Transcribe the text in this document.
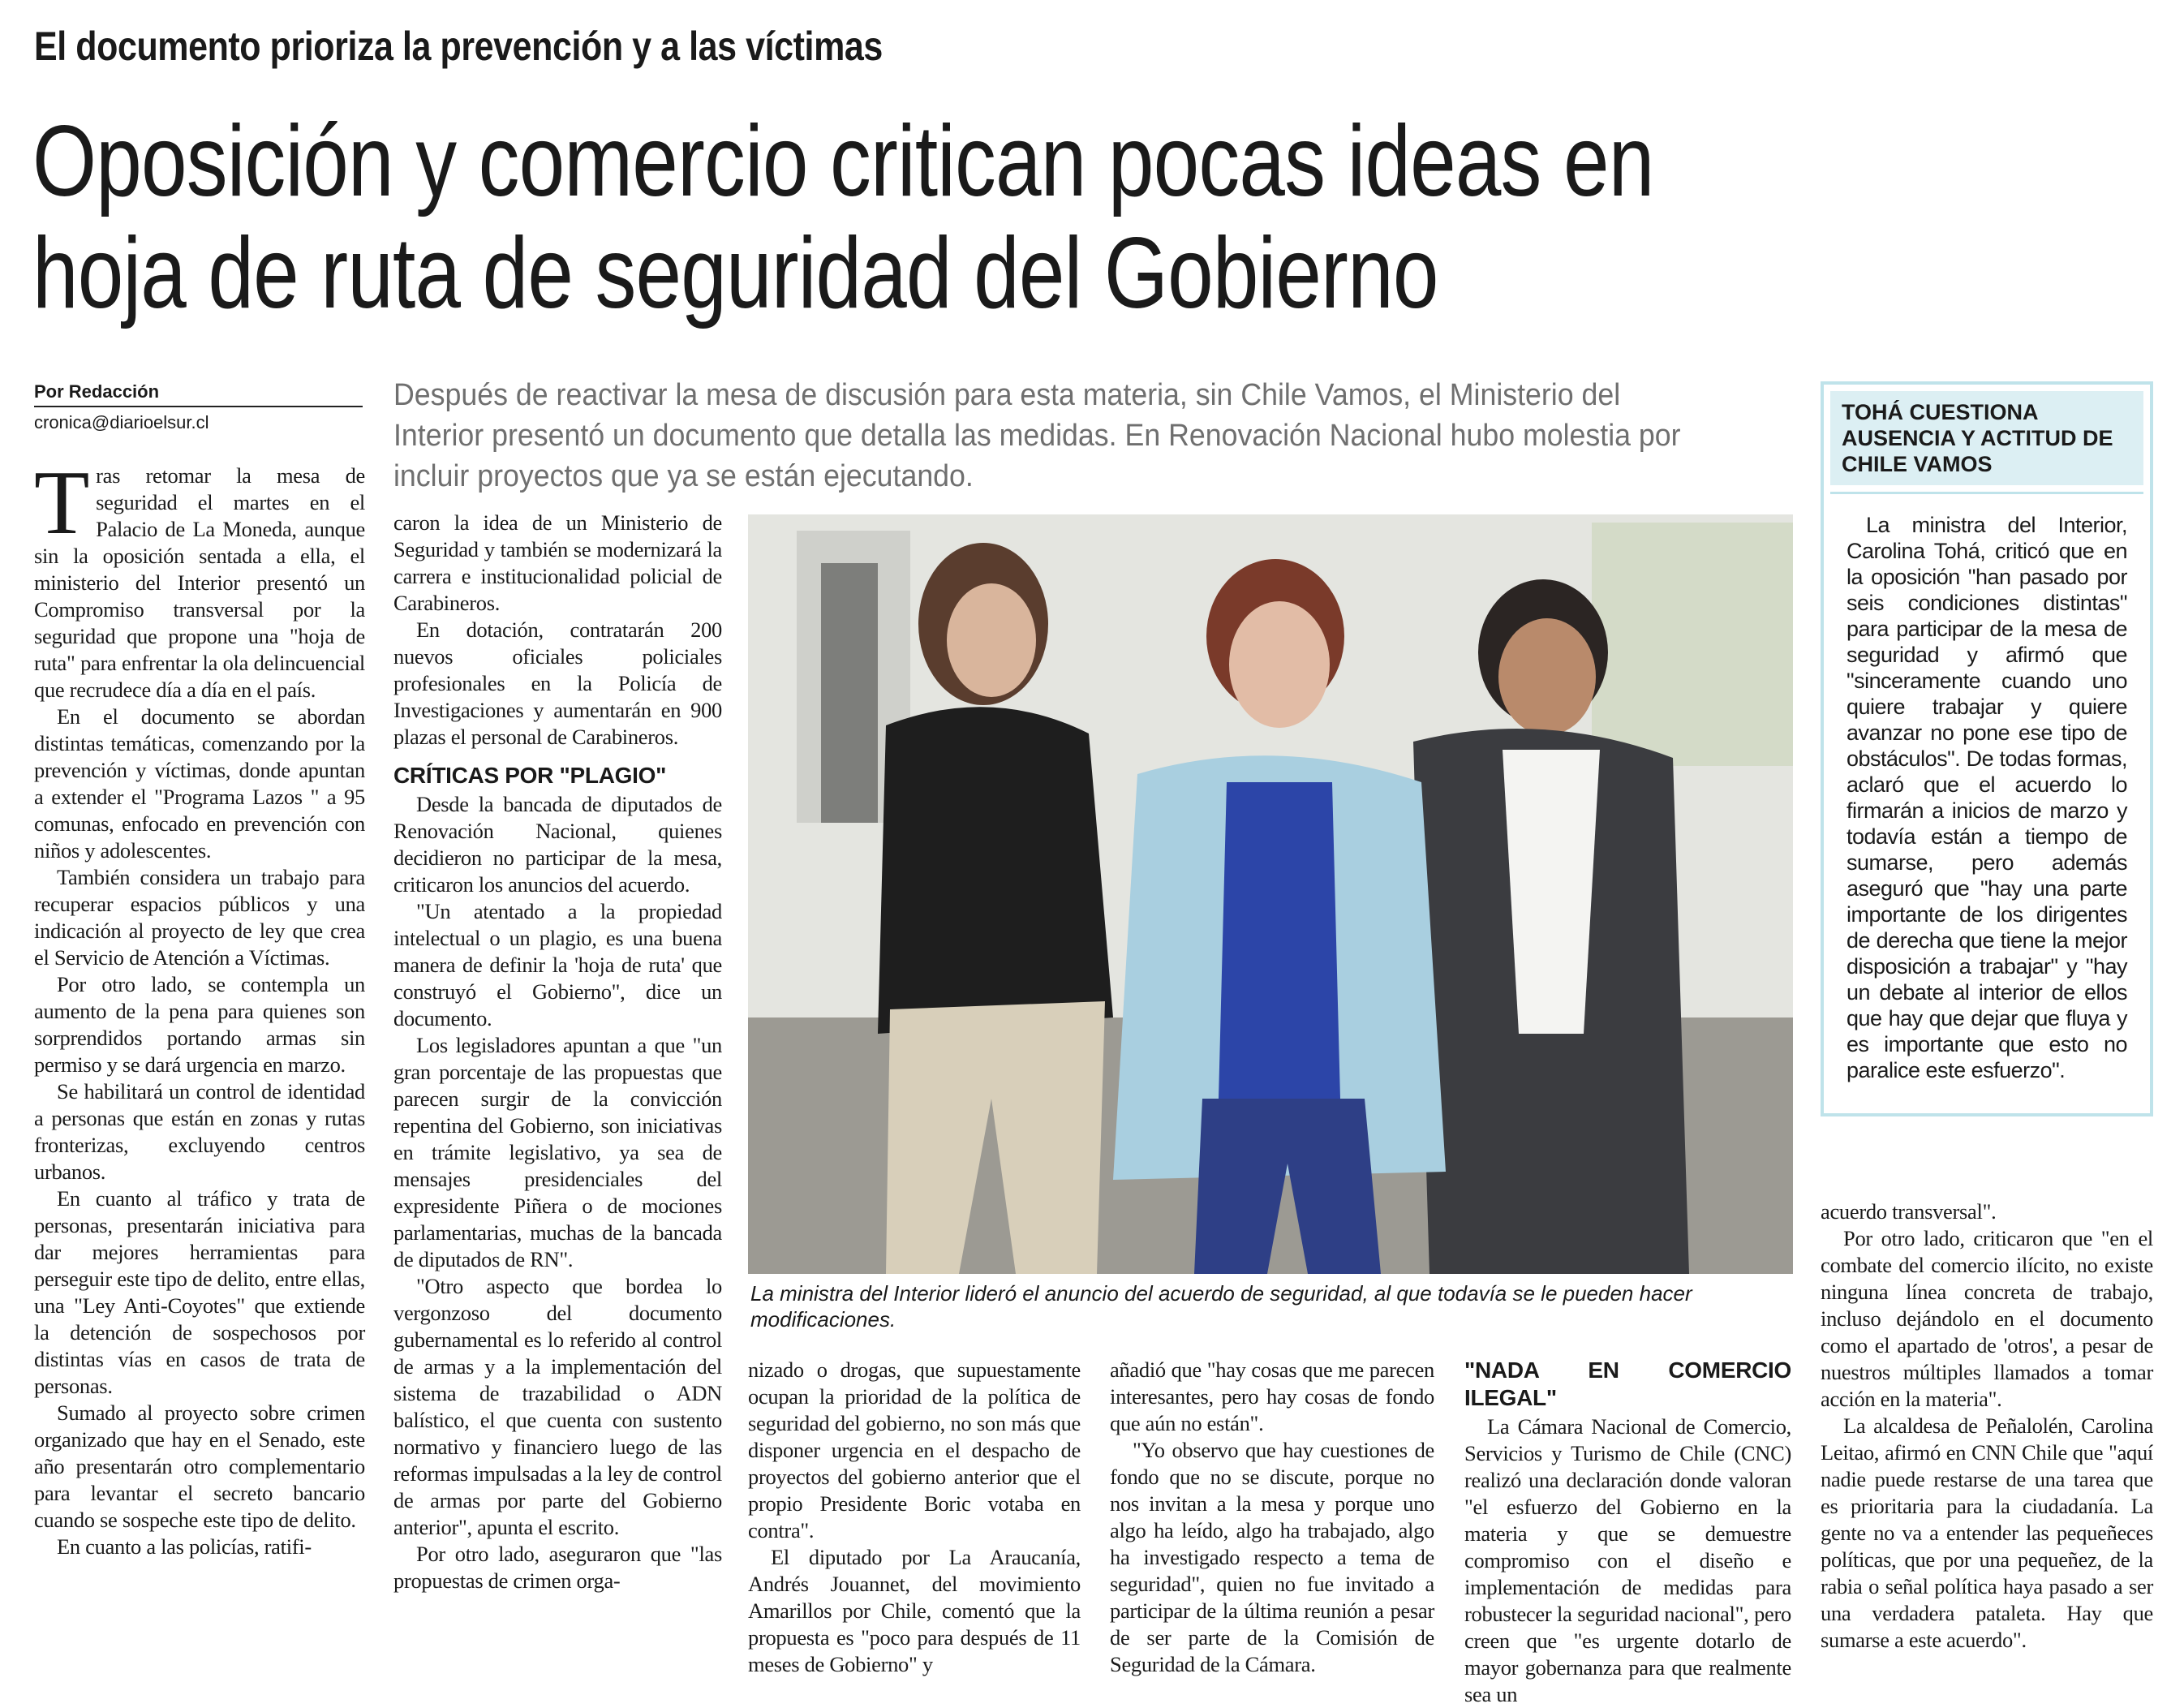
El documento prioriza la prevención y a las víctimas
Oposición y comercio critican pocas ideas en
hoja de ruta de seguridad del Gobierno
Por Redacción
cronica@diarioelsur.cl
Después de reactivar la mesa de discusión para esta materia, sin Chile Vamos, el Ministerio del Interior presentó un documento que detalla las medidas. En Renovación Nacional hubo molestia por incluir proyectos que ya se están ejecutando.

Tras retomar la mesa de seguridad el martes en el Palacio de La Moneda, aunque sin la oposición sentada a ella, el ministerio del Interior presentó un Compromiso transversal por la seguridad que propone una "hoja de ruta" para enfrentar la ola delincuencial que recrudece día a día en el país.

En el documento se abordan distintas temáticas, comenzando por la prevención y víctimas, donde apuntan a extender el "Programa Lazos " a 95 comunas, enfocado en prevención con niños y adolescentes.

También considera un trabajo para recuperar espacios públicos y una indicación al proyecto de ley que crea el Servicio de Atención a Víctimas.

Por otro lado, se contempla un aumento de la pena para quienes son sorprendidos portando armas sin permiso y se dará urgencia en marzo.

Se habilitará un control de identidad a personas que están en zonas y rutas fronterizas, excluyendo centros urbanos.

En cuanto al tráfico y trata de personas, presentarán iniciativa para dar mejores herramientas para perseguir este tipo de delito, entre ellas, una "Ley Anti-Coyotes" que extiende la detención de sospechosos por distintas vías en casos de trata de personas.

Sumado al proyecto sobre crimen organizado que hay en el Senado, este año presentarán otro complementario para levantar el secreto bancario cuando se sospeche este tipo de delito.

En cuanto a las policías, ratifi-

caron la idea de un Ministerio de Seguridad y también se modernizará la carrera e institucionalidad policial de Carabineros.

En dotación, contratarán 200 nuevos oficiales policiales profesionales en la Policía de Investigaciones y aumentarán en 900 plazas el personal de Carabineros.

CRÍTICAS POR "PLAGIO"

Desde la bancada de diputados de Renovación Nacional, quienes decidieron no participar de la mesa, criticaron los anuncios del acuerdo.

"Un atentado a la propiedad intelectual o un plagio, es una buena manera de definir la 'hoja de ruta' que construyó el Gobierno", dice un documento.

Los legisladores apuntan a que "un gran porcentaje de las propuestas que parecen surgir de la convicción repentina del Gobierno, son iniciativas en trámite legislativo, ya sea de mensajes presidenciales del expresidente Piñera o de mociones parlamentarias, muchas de la bancada de diputados de RN".

"Otro aspecto que bordea lo vergonzoso del documento gubernamental es lo referido al control de armas y a la implementación del sistema de trazabilidad o ADN balístico, el que cuenta con sustento normativo y financiero luego de las reformas impulsadas a la ley de control de armas por parte del Gobierno anterior", apunta el escrito.

Por otro lado, aseguraron que "las propuestas de crimen orga-

La ministra del Interior lideró el anuncio del acuerdo de seguridad, al que todavía se le pueden hacer modificaciones.

nizado o drogas, que supuestamente ocupan la prioridad de la política de seguridad del gobierno, no son más que disponer urgencia en el despacho de proyectos del gobierno anterior que el propio Presidente Boric votaba en contra".

El diputado por La Araucanía, Andrés Jouannet, del movimiento Amarillos por Chile, comentó que la propuesta es "poco para después de 11 meses de Gobierno" y

añadió que "hay cosas que me parecen interesantes, pero hay cosas de fondo que aún no están".

"Yo observo que hay cuestiones de fondo que no se discute, porque no nos invitan a la mesa y porque uno algo ha leído, algo ha trabajado, algo ha investigado respecto a tema de seguridad", quien no fue invitado a participar de la última reunión a pesar de ser parte de la Comisión de Seguridad de la Cámara.

"NADA EN COMERCIO ILEGAL"

La Cámara Nacional de Comercio, Servicios y Turismo de Chile (CNC) realizó una declaración donde valoran "el esfuerzo del Gobierno en la materia y que se demuestre compromiso con el diseño e implementación de medidas para robustecer la seguridad nacional", pero creen que "es urgente dotarlo de mayor gobernanza para que realmente sea un

TOHÁ CUESTIONA AUSENCIA Y ACTITUD DE CHILE VAMOS

La ministra del Interior, Carolina Tohá, criticó que en la oposición "han pasado por seis condiciones distintas" para participar de la mesa de seguridad y afirmó que "sinceramente cuando uno quiere trabajar y quiere avanzar no pone ese tipo de obstáculos". De todas formas, aclaró que el acuerdo lo firmarán a inicios de marzo y todavía están a tiempo de sumarse, pero además aseguró que "hay una parte importante de los dirigentes de derecha que tiene la mejor disposición a trabajar" y "hay un debate al interior de ellos que hay que dejar que fluya y es importante que esto no paralice este esfuerzo".

acuerdo transversal".

Por otro lado, criticaron que "en el combate del comercio ilícito, no existe ninguna línea concreta de trabajo, incluso dejándolo en el documento como el apartado de 'otros', a pesar de nuestros múltiples llamados a tomar acción en la materia".

La alcaldesa de Peñalolén, Carolina Leitao, afirmó en CNN Chile que "aquí nadie puede restarse de una tarea que es prioritaria para la ciudadanía. La gente no va a entender las pequeñeces políticas, que por una pequeñez, de la rabia o señal política haya pasado a ser una verdadera pataleta. Hay que sumarse a este acuerdo".
